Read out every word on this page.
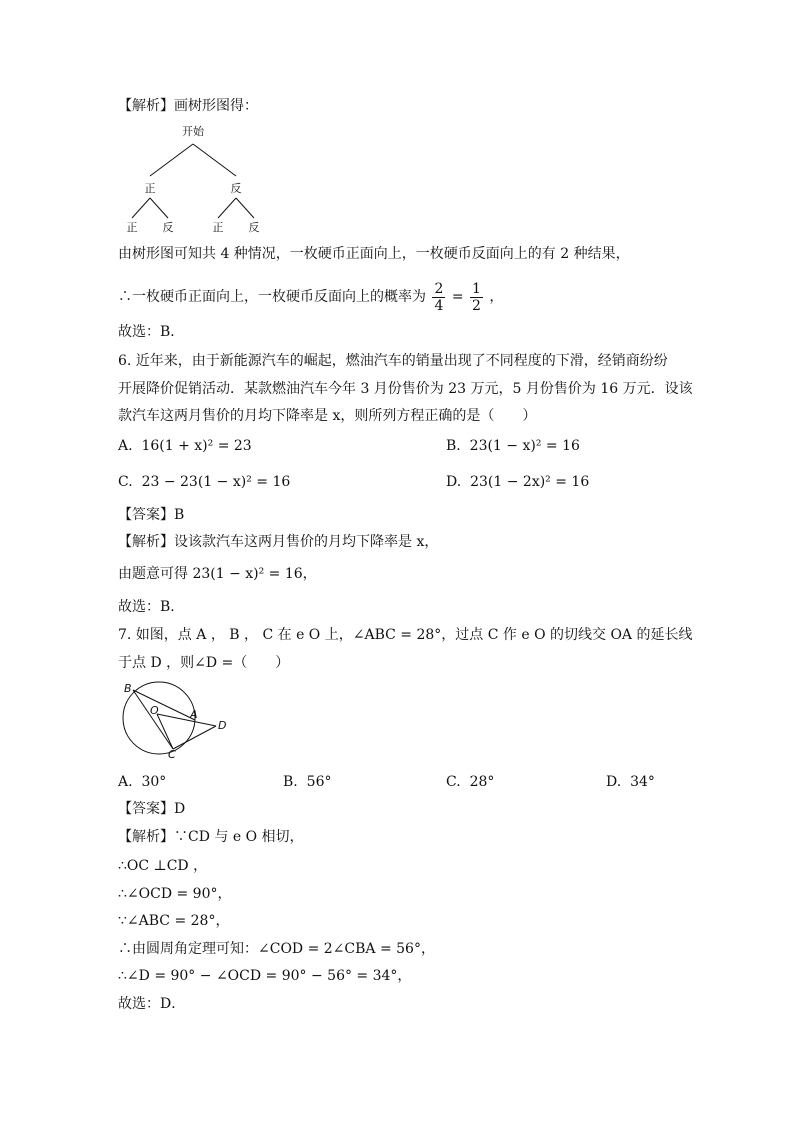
【解析】画树形图得：
开始
正	反
正 反	正 反
由树形图可知共 4 种情况，一枚硬币正面向上，一枚硬币反面向上的有 2 种结果，
∴一枚硬币正面向上，一枚硬币反面向上的概率为 $\frac{2}{4} = \frac{1}{2}$ ，
故选：B．
6. 近年来，由于新能源汽车的崛起，燃油汽车的销量出现了不同程度的下滑，经销商纷纷
开展降价促销活动．某款燃油汽车今年 3 月份售价为 23 万元，5 月份售价为 16 万元．设该
款汽车这两月售价的月均下降率是 x，则所列方程正确的是（　　）
A. 16(1 + x)² = 23	B. 23(1 − x)² = 16
C. 23 − 23(1 − x)² = 16	D. 23(1 − 2x)² = 16
【答案】B
【解析】设该款汽车这两月售价的月均下降率是 x，
由题意可得 23(1 − x)² = 16，
故选：B．
7. 如图，点 A ， B ， C 在 e O 上，∠ABC = 28°，过点 C 作 e O 的切线交 OA 的延长线
于点 D ，则∠D =（　　）
B
O	A
D
C
A. 30°	B. 56°	C. 28°	D. 34°
【答案】D
【解析】∵CD 与 e O 相切，
∴OC ⊥CD ，
∴∠OCD = 90°，
∵∠ABC = 28°，
∴由圆周角定理可知：∠COD = 2∠CBA = 56°，
∴∠D = 90° − ∠OCD = 90° − 56° = 34°，
故选：D．
